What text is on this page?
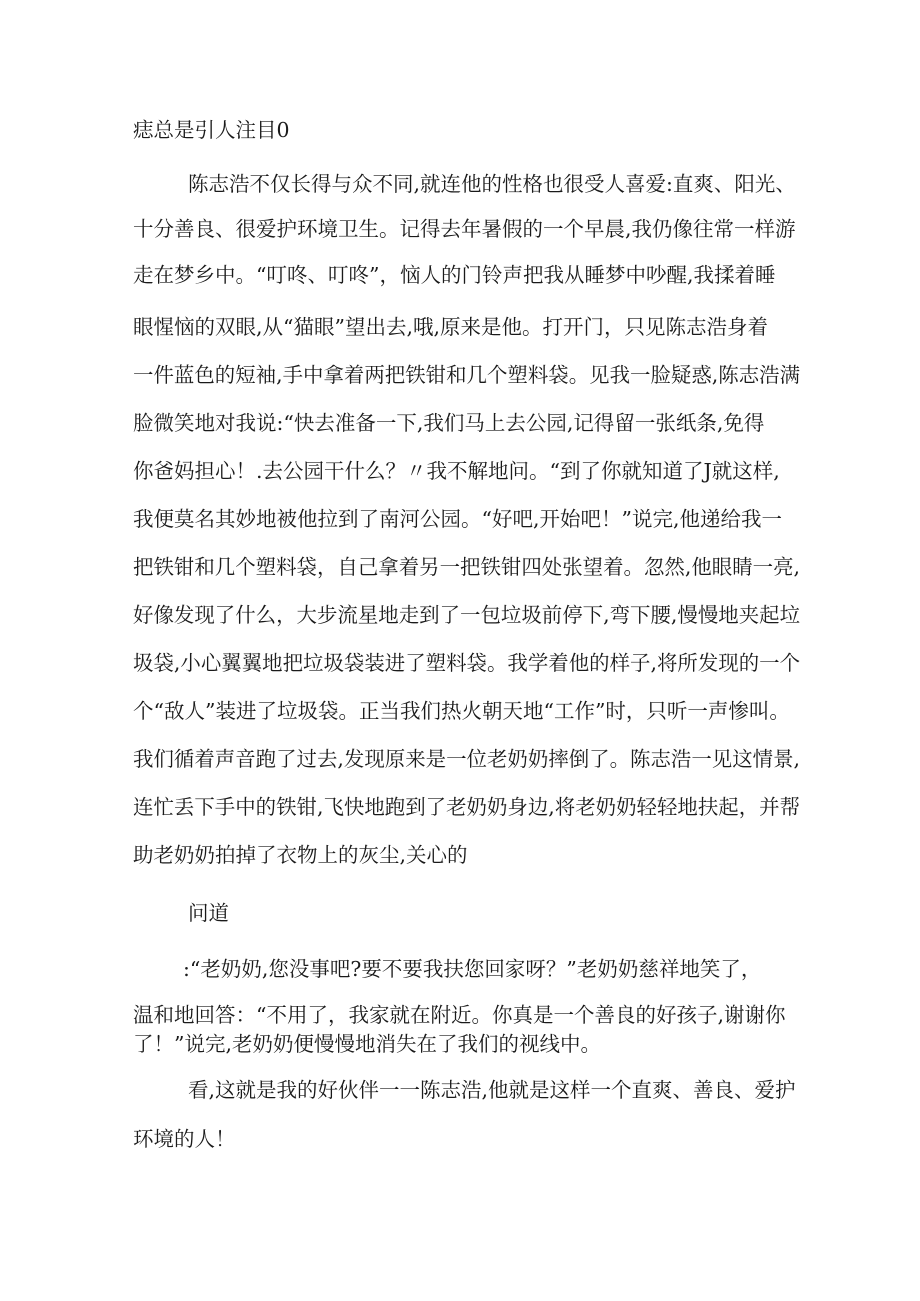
痣总是引人注目0

陈志浩不仅长得与众不同,就连他的性格也很受人喜爱:直爽、阳光、

十分善良、很爱护环境卫生。记得去年暑假的一个早晨,我仍像往常一样游

走在梦乡中。“叮咚、叮咚”，恼人的门铃声把我从睡梦中吵醒,我揉着睡

眼惺恼的双眼,从“猫眼”望出去,哦,原来是他。打开门，只见陈志浩身着

一件蓝色的短袖,手中拿着两把铁钳和几个塑料袋。见我一脸疑惑,陈志浩满

脸微笑地对我说:“快去准备一下,我们马上去公园,记得留一张纸条,免得

你爸妈担心！.去公园干什么？〃我不解地问。“到了你就知道了J就这样,

我便莫名其妙地被他拉到了南河公园。“好吧,开始吧！”说完,他递给我一

把铁钳和几个塑料袋，自己拿着另一把铁钳四处张望着。忽然,他眼睛一亮,

好像发现了什么，大步流星地走到了一包垃圾前停下,弯下腰,慢慢地夹起垃

圾袋,小心翼翼地把垃圾袋装进了塑料袋。我学着他的样子,将所发现的一个

个“敌人”装进了垃圾袋。正当我们热火朝天地“工作”时，只听一声惨叫。

我们循着声音跑了过去,发现原来是一位老奶奶摔倒了。陈志浩一见这情景,

连忙丢下手中的铁钳,飞快地跑到了老奶奶身边,将老奶奶轻轻地扶起，并帮

助老奶奶拍掉了衣物上的灰尘,关心的

问道

:“老奶奶,您没事吧?要不要我扶您回家呀？”老奶奶慈祥地笑了，

温和地回答：“不用了，我家就在附近。你真是一个善良的好孩子,谢谢你

了！”说完,老奶奶便慢慢地消失在了我们的视线中。

看,这就是我的好伙伴一一陈志浩,他就是这样一个直爽、善良、爱护

环境的人！
